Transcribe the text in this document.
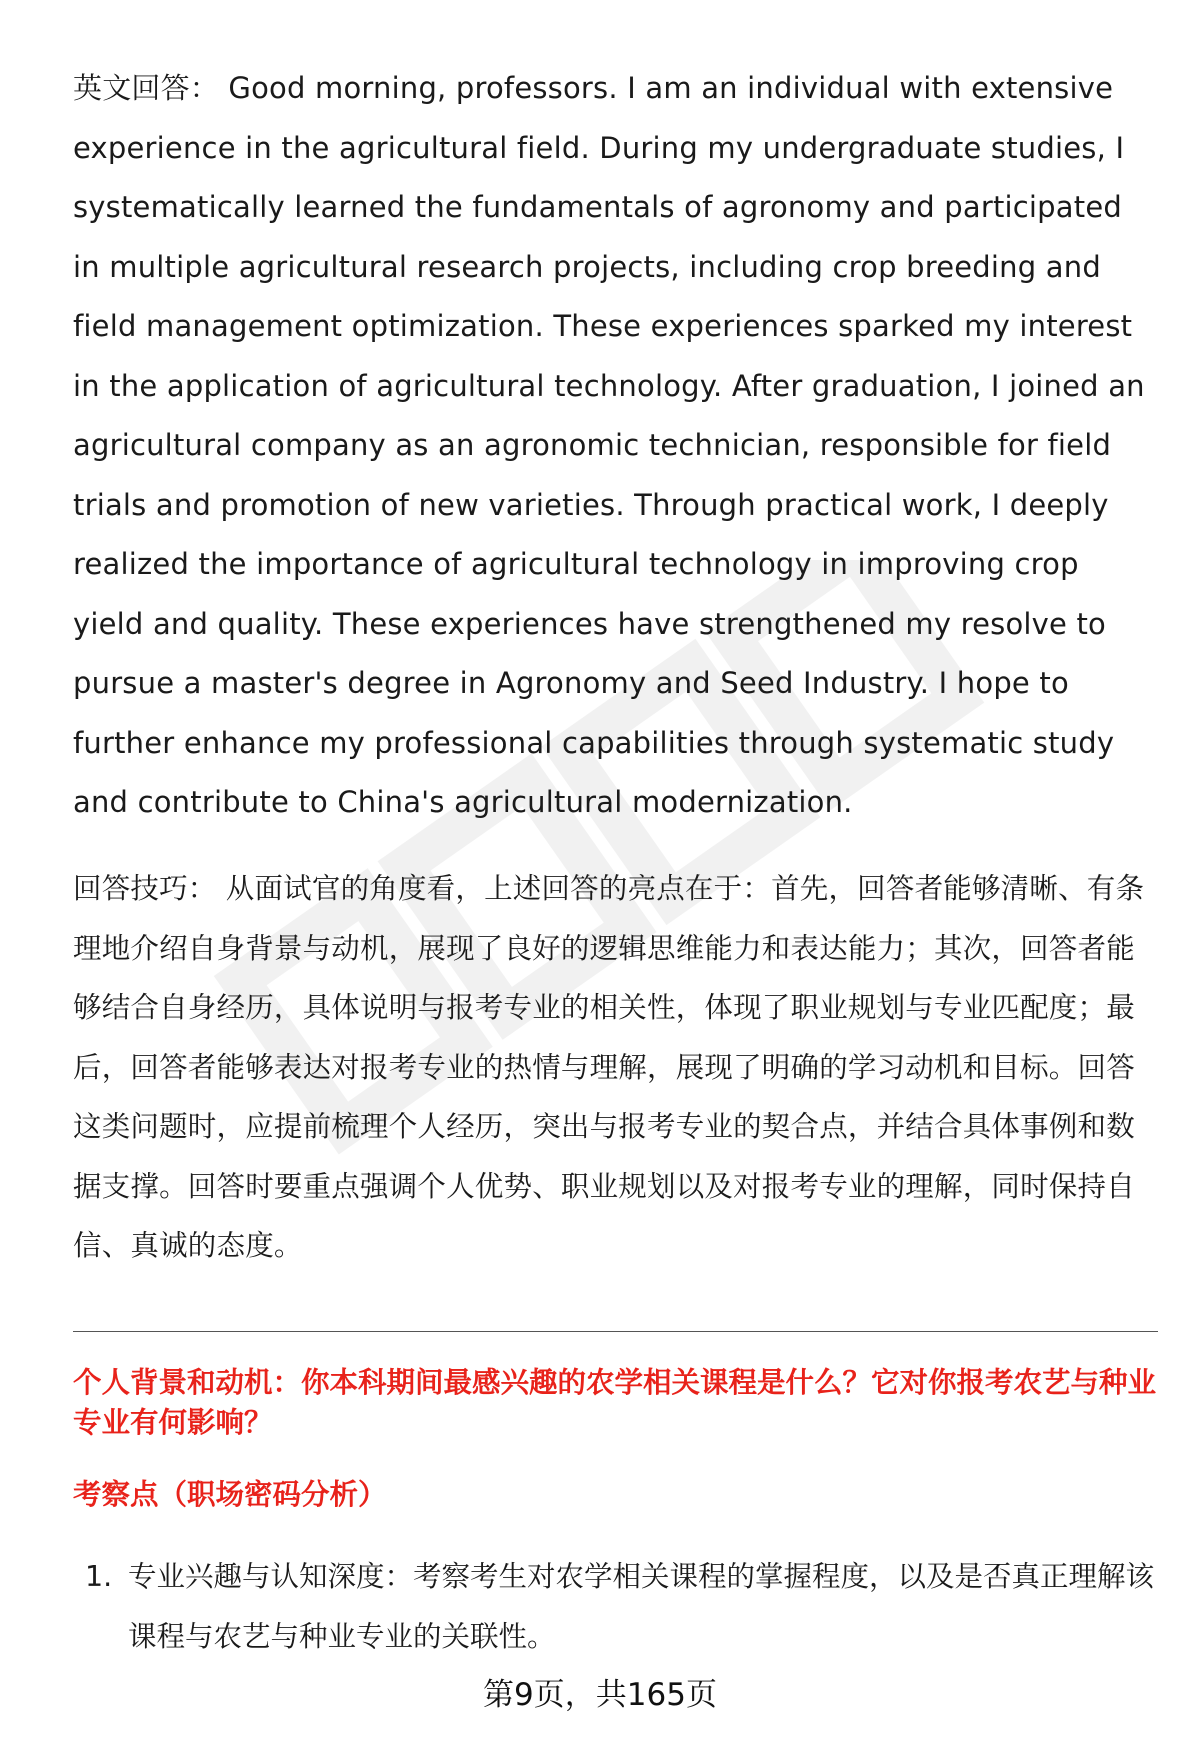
英文回答： Good morning, professors. I am an individual with extensive experience in the agricultural field. During my undergraduate studies, I systematically learned the fundamentals of agronomy and participated in multiple agricultural research projects, including crop breeding and field management optimization. These experiences sparked my interest in the application of agricultural technology. After graduation, I joined an agricultural company as an agronomic technician, responsible for field trials and promotion of new varieties. Through practical work, I deeply realized the importance of agricultural technology in improving crop yield and quality. These experiences have strengthened my resolve to pursue a master's degree in Agronomy and Seed Industry. I hope to further enhance my professional capabilities through systematic study and contribute to China's agricultural modernization.

回答技巧： 从面试官的角度看，上述回答的亮点在于：首先，回答者能够清晰、有条理地介绍自身背景与动机，展现了良好的逻辑思维能力和表达能力；其次，回答者能够结合自身经历，具体说明与报考专业的相关性，体现了职业规划与专业匹配度；最后，回答者能够表达对报考专业的热情与理解，展现了明确的学习动机和目标。回答这类问题时，应提前梳理个人经历，突出与报考专业的契合点，并结合具体事例和数据支撑。回答时要重点强调个人优势、职业规划以及对报考专业的理解，同时保持自信、真诚的态度。

个人背景和动机：你本科期间最感兴趣的农学相关课程是什么？它对你报考农艺与种业专业有何影响？

考察点（职场密码分析）

1. 专业兴趣与认知深度：考察考生对农学相关课程的掌握程度，以及是否真正理解该课程与农艺与种业专业的关联性。
第9页，共165页
